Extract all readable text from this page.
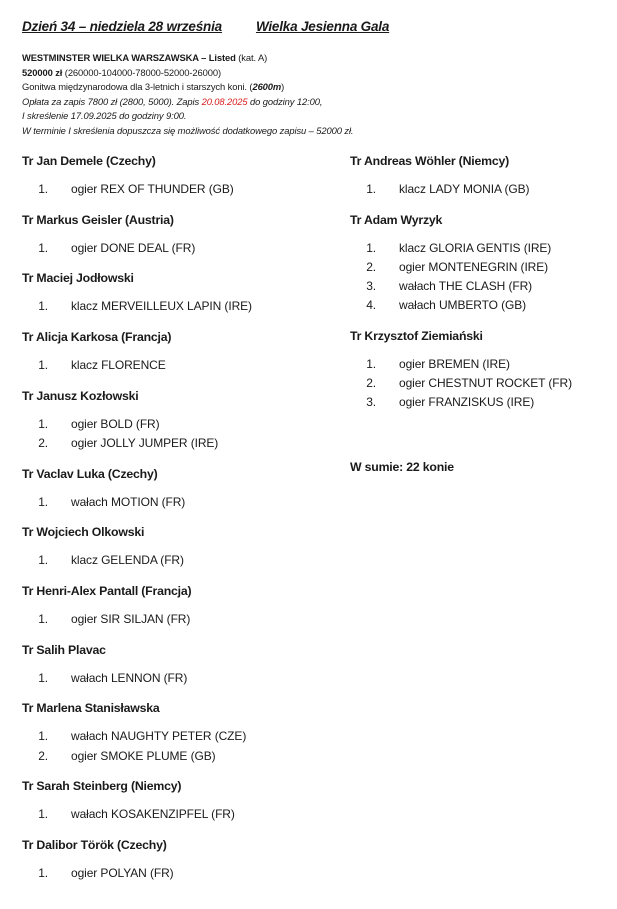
Dzień 34 – niedziela 28 września	Wielka Jesienna Gala
WESTMINSTER WIELKA WARSZAWSKA – Listed (kat. A)
520000 zł (260000-104000-78000-52000-26000)
Gonitwa międzynarodowa dla 3-letnich i starszych koni. (2600m)
Opłata za zapis 7800 zł (2800, 5000). Zapis 20.08.2025 do godziny 12:00,
I skreślenie 17.09.2025 do godziny 9:00.
W terminie I skreślenia dopuszcza się możliwość dodatkowego zapisu – 52000 zł.
Tr Jan Demele (Czechy)
1. ogier REX OF THUNDER (GB)
Tr Markus Geisler (Austria)
1. ogier DONE DEAL (FR)
Tr Maciej Jodłowski
1. klacz MERVEILLEUX LAPIN (IRE)
Tr Alicja Karkosa (Francja)
1. klacz FLORENCE
Tr Janusz Kozłowski
1. ogier BOLD (FR)
2. ogier JOLLY JUMPER (IRE)
Tr Vaclav Luka (Czechy)
1. wałach MOTION (FR)
Tr Wojciech Olkowski
1. klacz GELENDA (FR)
Tr Henri-Alex Pantall (Francja)
1. ogier SIR SILJAN (FR)
Tr Salih Plavac
1. wałach LENNON (FR)
Tr Marlena Stanisławska
1. wałach NAUGHTY PETER (CZE)
2. ogier SMOKE PLUME (GB)
Tr Sarah Steinberg (Niemcy)
1. wałach KOSAKENZIPFEL (FR)
Tr Dalibor Török (Czechy)
1. ogier POLYAN (FR)
Tr Andreas Wöhler (Niemcy)
1. klacz LADY MONIA (GB)
Tr Adam Wyrzyk
1. klacz GLORIA GENTIS (IRE)
2. ogier MONTENEGRIN (IRE)
3. wałach THE CLASH (FR)
4. wałach UMBERTO (GB)
Tr Krzysztof Ziemiański
1. ogier BREMEN (IRE)
2. ogier CHESTNUT ROCKET (FR)
3. ogier FRANZISKUS (IRE)
W sumie: 22 konie
